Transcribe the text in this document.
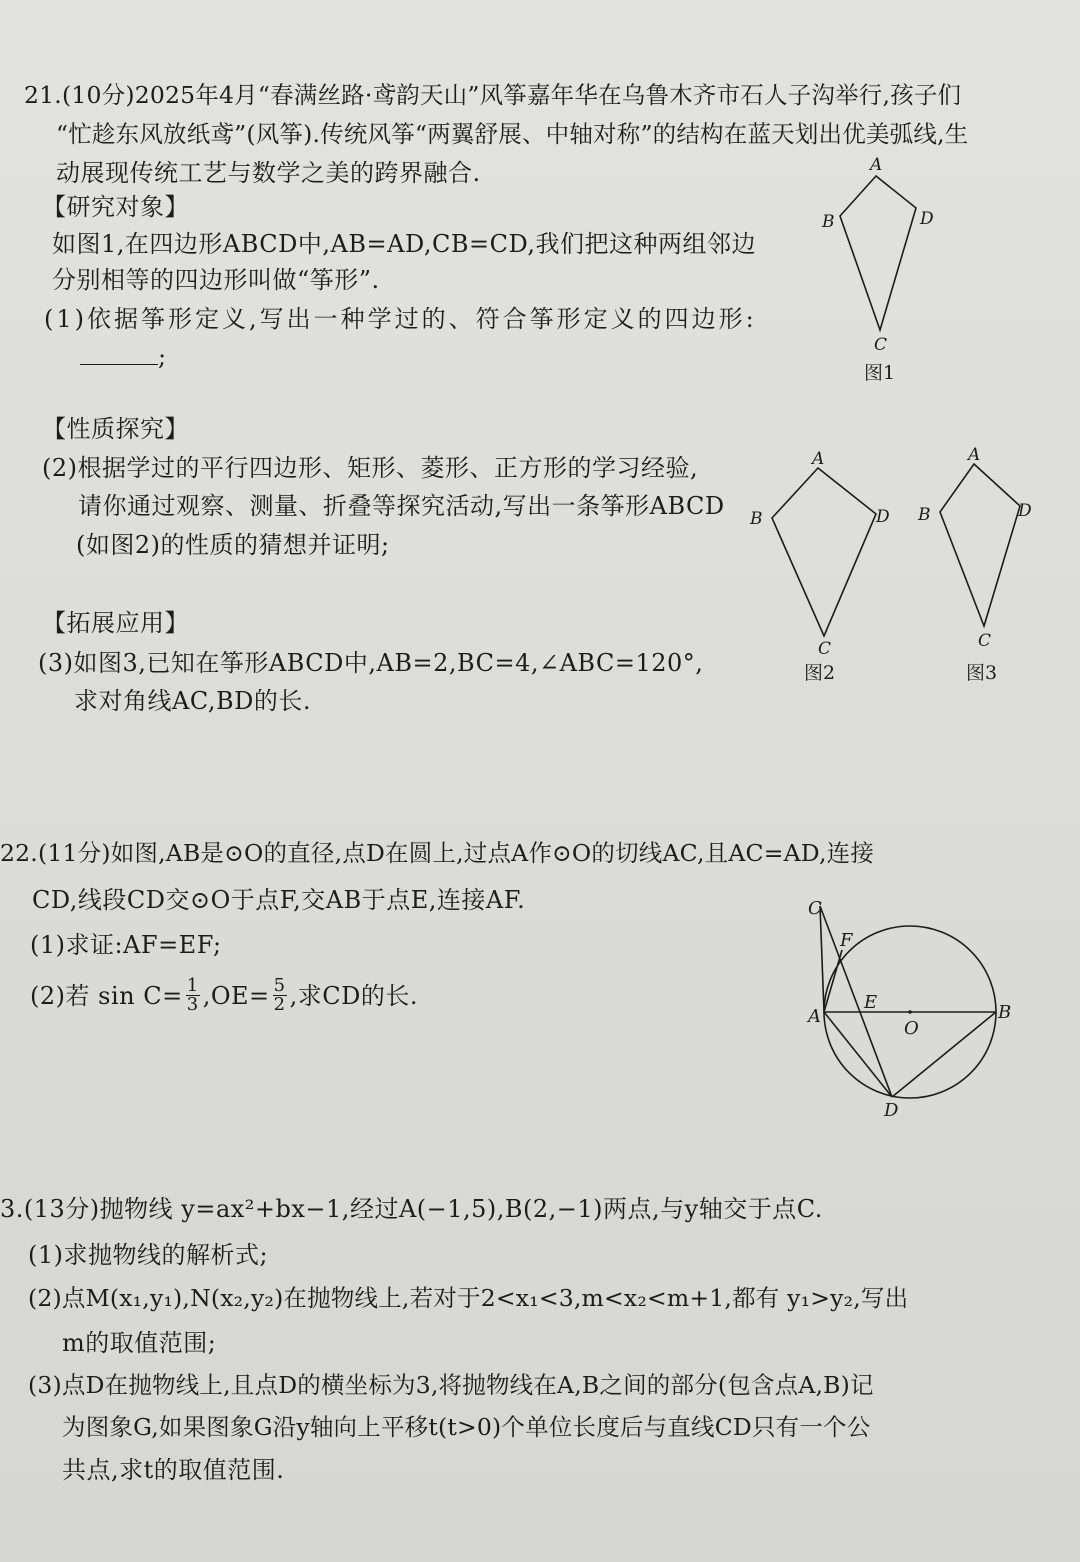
21.(10分)2025年4月“春满丝路·鸢韵天山”风筝嘉年华在乌鲁木齐市石人子沟举行,孩子们
“忙趁东风放纸鸢”(风筝).传统风筝“两翼舒展、中轴对称”的结构在蓝天划出优美弧线,生
动展现传统工艺与数学之美的跨界融合.
【研究对象】
如图1,在四边形ABCD中,AB=AD,CB=CD,我们把这种两组邻边
分别相等的四边形叫做“筝形”.
(1)依据筝形定义,写出一种学过的、符合筝形定义的四边形:
;
A
B	D
C
图1
【性质探究】
(2)根据学过的平行四边形、矩形、菱形、正方形的学习经验,
请你通过观察、测量、折叠等探究活动,写出一条筝形ABCD
(如图2)的性质的猜想并证明;
A
B	D
C
图2
A
B	D
C
图3
【拓展应用】
(3)如图3,已知在筝形ABCD中,AB=2,BC=4,∠ABC=120°,
求对角线AC,BD的长.
22.(11分)如图,AB是⊙O的直径,点D在圆上,过点A作⊙O的切线AC,且AC=AD,连接
CD,线段CD交⊙O于点F,交AB于点E,连接AF.
(1)求证:AF=EF;
(2)若 sin C= 1
3 ,OE= 5
2 ,求CD的长.
C
F
A
E
O
B
D
3.(13分)抛物线 y=ax²+bx−1,经过A(−1,5),B(2,−1)两点,与y轴交于点C.
(1)求抛物线的解析式;
(2)点M(x₁,y₁),N(x₂,y₂)在抛物线上,若对于2<x₁<3,m<x₂<m+1,都有 y₁>y₂,写出
m的取值范围;
(3)点D在抛物线上,且点D的横坐标为3,将抛物线在A,B之间的部分(包含点A,B)记
为图象G,如果图象G沿y轴向上平移t(t>0)个单位长度后与直线CD只有一个公
共点,求t的取值范围.
